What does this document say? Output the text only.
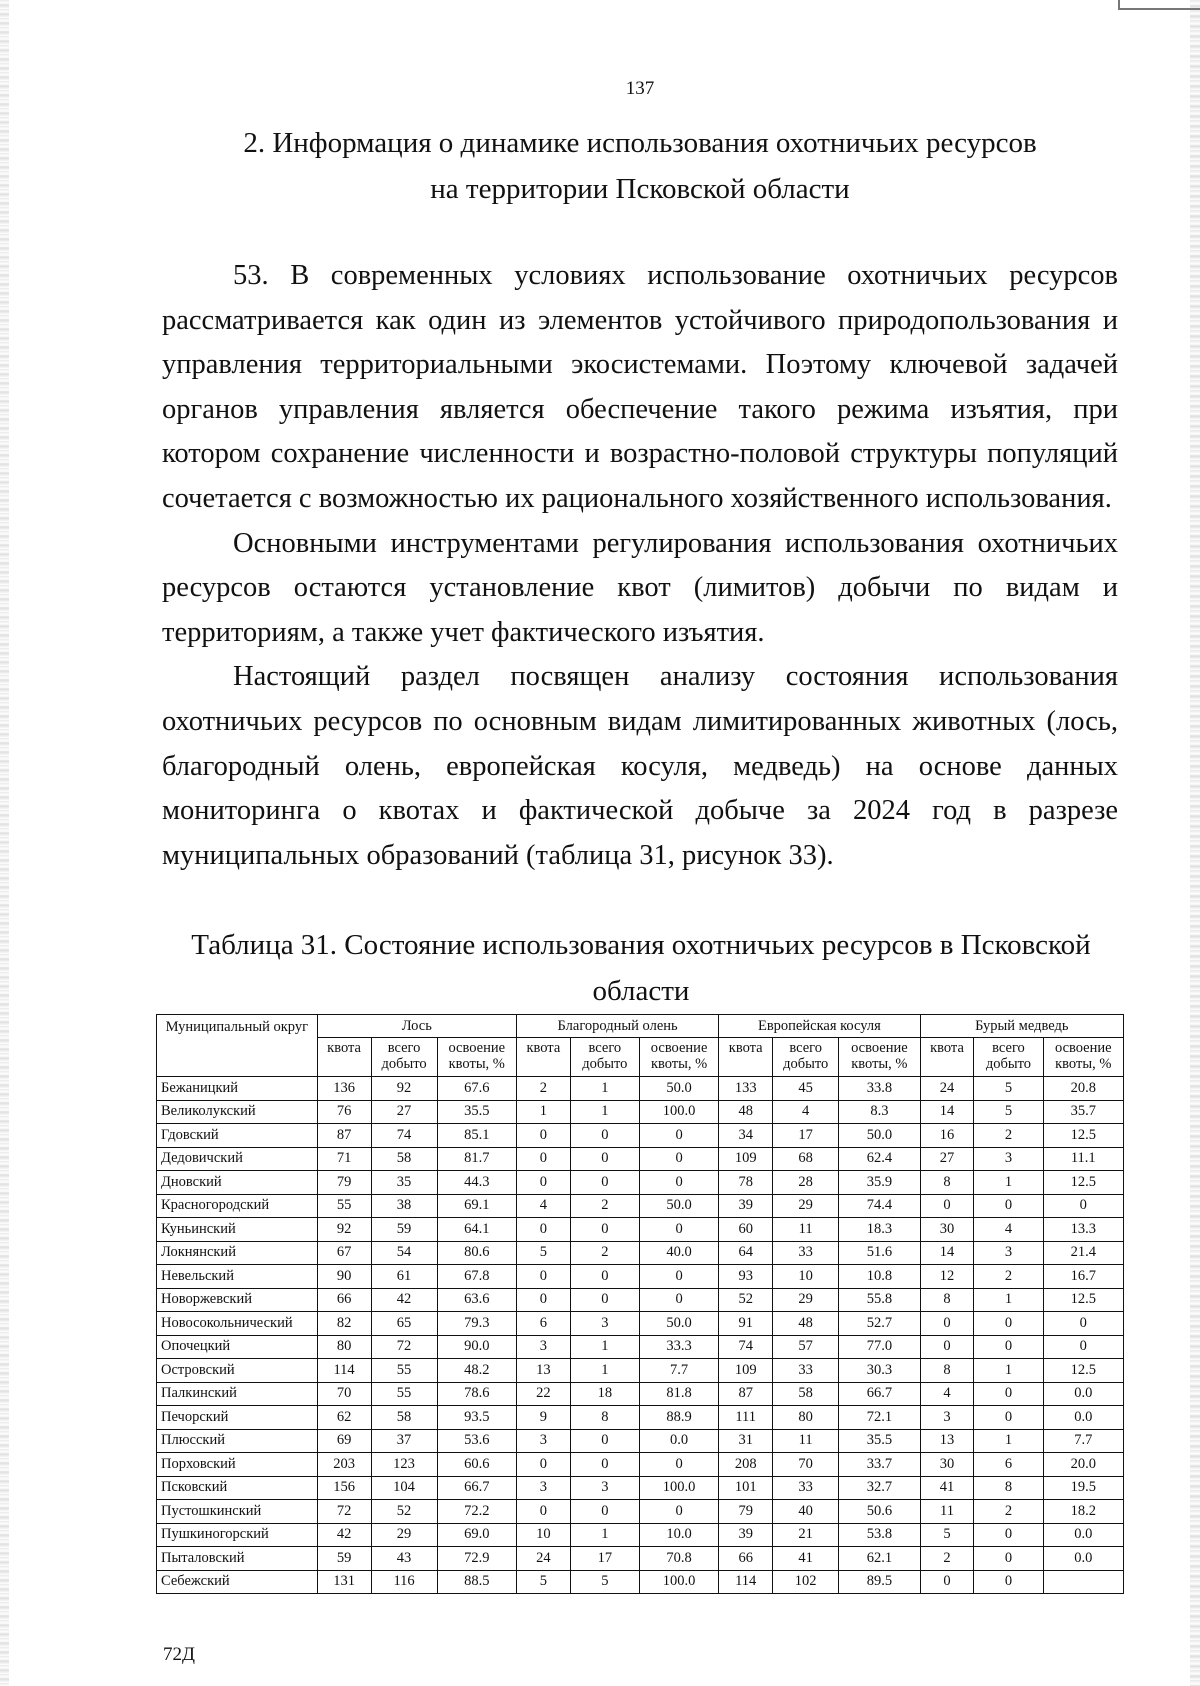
137
2. Информация о динамике использования охотничьих ресурсов
на территории Псковской области

53. В современных условиях использование охотничьих ресурсов рассматривается как один из элементов устойчивого природопользования и управления территориальными экосистемами. Поэтому ключевой задачей органов управления является обеспечение такого режима изъятия, при котором сохранение численности и возрастно-половой структуры популяций сочетается с возможностью их рационального хозяйственного использования.

Основными инструментами регулирования использования охотничьих ресурсов остаются установление квот (лимитов) добычи по видам и территориям, а также учет фактического изъятия.

Настоящий раздел посвящен анализу состояния использования охотничьих ресурсов по основным видам лимитированных животных (лось, благородный олень, европейская косуля, медведь) на основе данных мониторинга о квотах и фактической добыче за 2024 год в разрезе муниципальных образований (таблица 31, рисунок 33).

Таблица 31. Состояние использования охотничьих ресурсов в Псковской
области
Муниципальный округ	Лось			Благородный олень			Европейская косуля			Бурый медведь		
	квота	всего добыто	освоение квоты, %	квота	всего добыто	освоение квоты, %	квота	всего добыто	освоение квоты, %	квота	всего добыто	освоение квоты, %
Бежаницкий	136	92	67.6	2	1	50.0	133	45	33.8	24	5	20.8
Великолукский	76	27	35.5	1	1	100.0	48	4	8.3	14	5	35.7
Гдовский	87	74	85.1	0	0	0	34	17	50.0	16	2	12.5
Дедовичский	71	58	81.7	0	0	0	109	68	62.4	27	3	11.1
Дновский	79	35	44.3	0	0	0	78	28	35.9	8	1	12.5
Красногородский	55	38	69.1	4	2	50.0	39	29	74.4	0	0	0
Куньинский	92	59	64.1	0	0	0	60	11	18.3	30	4	13.3
Локнянский	67	54	80.6	5	2	40.0	64	33	51.6	14	3	21.4
Невельский	90	61	67.8	0	0	0	93	10	10.8	12	2	16.7
Новоржевский	66	42	63.6	0	0	0	52	29	55.8	8	1	12.5
Новосокольнический	82	65	79.3	6	3	50.0	91	48	52.7	0	0	0
Опочецкий	80	72	90.0	3	1	33.3	74	57	77.0	0	0	0
Островский	114	55	48.2	13	1	7.7	109	33	30.3	8	1	12.5
Палкинский	70	55	78.6	22	18	81.8	87	58	66.7	4	0	0.0
Печорский	62	58	93.5	9	8	88.9	111	80	72.1	3	0	0.0
Плюсский	69	37	53.6	3	0	0.0	31	11	35.5	13	1	7.7
Порховский	203	123	60.6	0	0	0	208	70	33.7	30	6	20.0
Псковский	156	104	66.7	3	3	100.0	101	33	32.7	41	8	19.5
Пустошкинский	72	52	72.2	0	0	0	79	40	50.6	11	2	18.2
Пушкиногорский	42	29	69.0	10	1	10.0	39	21	53.8	5	0	0.0
Пыталовский	59	43	72.9	24	17	70.8	66	41	62.1	2	0	0.0
Себежский	131	116	88.5	5	5	100.0	114	102	89.5	0	0	
72Д
